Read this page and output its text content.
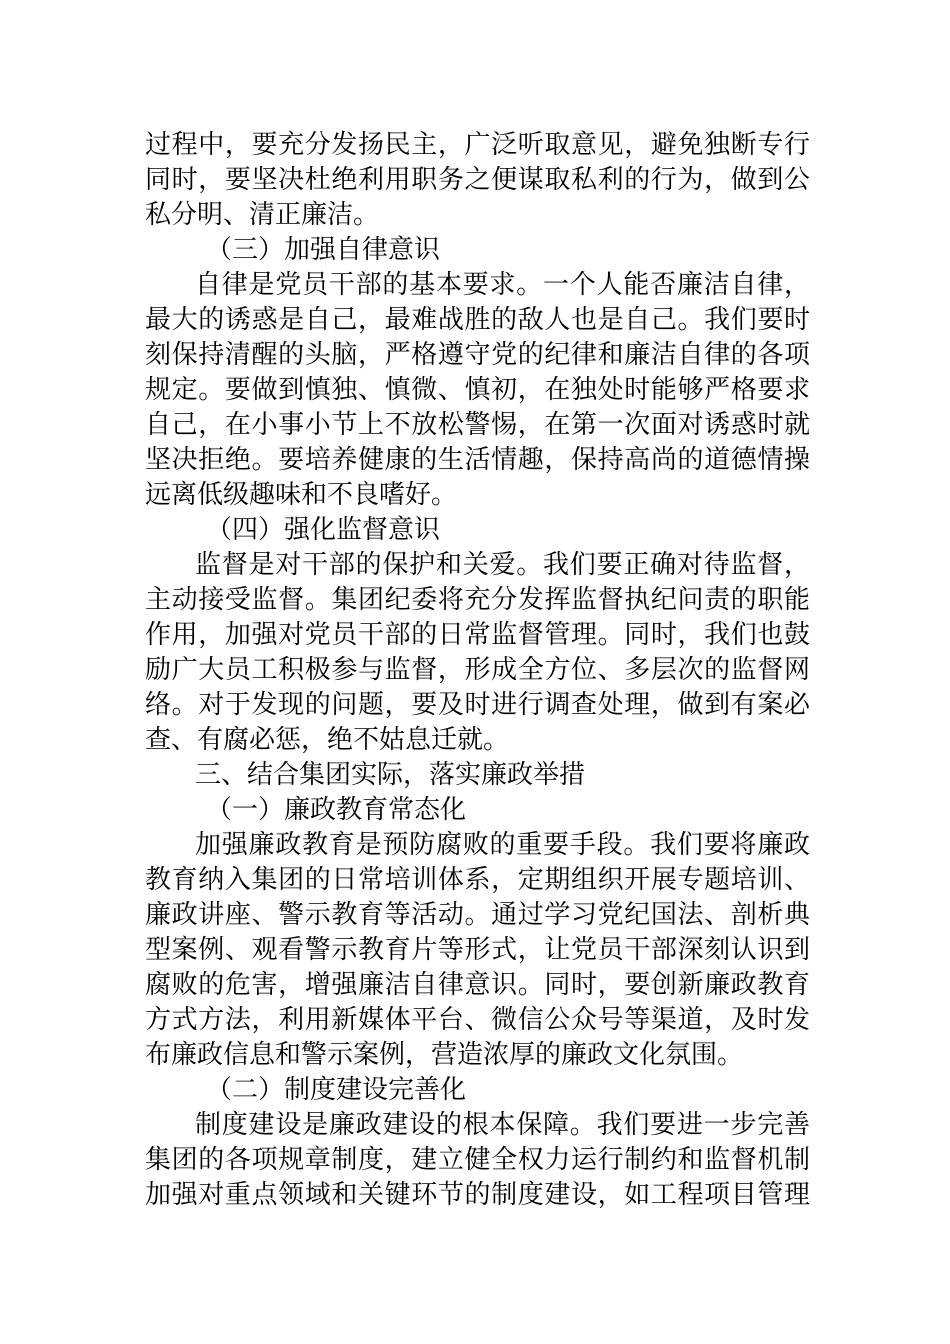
过程中，要充分发扬民主，广泛听取意见，避免独断专行
同时，要坚决杜绝利用职务之便谋取私利的行为，做到公
私分明、清正廉洁。
（三）加强自律意识
自律是党员干部的基本要求。一个人能否廉洁自律，
最大的诱惑是自己，最难战胜的敌人也是自己。我们要时
刻保持清醒的头脑，严格遵守党的纪律和廉洁自律的各项
规定。要做到慎独、慎微、慎初，在独处时能够严格要求
自己，在小事小节上不放松警惕，在第一次面对诱惑时就
坚决拒绝。要培养健康的生活情趣，保持高尚的道德情操
远离低级趣味和不良嗜好。
（四）强化监督意识
监督是对干部的保护和关爱。我们要正确对待监督，
主动接受监督。集团纪委将充分发挥监督执纪问责的职能
作用，加强对党员干部的日常监督管理。同时，我们也鼓
励广大员工积极参与监督，形成全方位、多层次的监督网
络。对于发现的问题，要及时进行调查处理，做到有案必
查、有腐必惩，绝不姑息迁就。
三、结合集团实际，落实廉政举措
（一）廉政教育常态化
加强廉政教育是预防腐败的重要手段。我们要将廉政
教育纳入集团的日常培训体系，定期组织开展专题培训、
廉政讲座、警示教育等活动。通过学习党纪国法、剖析典
型案例、观看警示教育片等形式，让党员干部深刻认识到
腐败的危害，增强廉洁自律意识。同时，要创新廉政教育
方式方法，利用新媒体平台、微信公众号等渠道，及时发
布廉政信息和警示案例，营造浓厚的廉政文化氛围。
（二）制度建设完善化
制度建设是廉政建设的根本保障。我们要进一步完善
集团的各项规章制度，建立健全权力运行制约和监督机制
加强对重点领域和关键环节的制度建设，如工程项目管理
